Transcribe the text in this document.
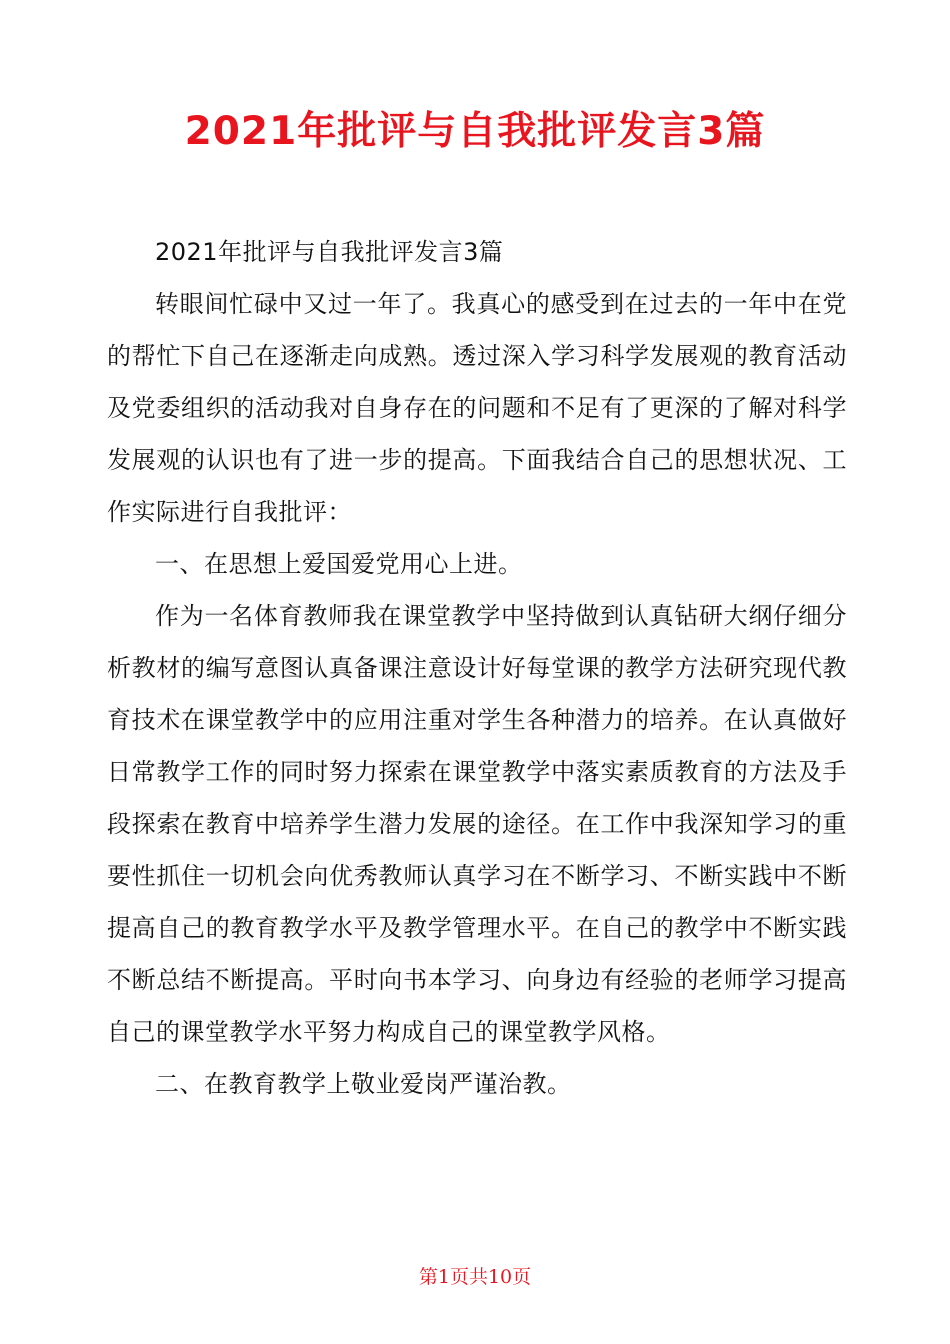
2021年批评与自我批评发言3篇

2021年批评与自我批评发言3篇

转眼间忙碌中又过一年了。我真心的感受到在过去的一年中在党的帮忙下自己在逐渐走向成熟。透过深入学习科学发展观的教育活动及党委组织的活动我对自身存在的问题和不足有了更深的了解对科学发展观的认识也有了进一步的提高。下面我结合自己的思想状况、工作实际进行自我批评：

一、在思想上爱国爱党用心上进。

作为一名体育教师我在课堂教学中坚持做到认真钻研大纲仔细分析教材的编写意图认真备课注意设计好每堂课的教学方法研究现代教育技术在课堂教学中的应用注重对学生各种潜力的培养。在认真做好日常教学工作的同时努力探索在课堂教学中落实素质教育的方法及手段探索在教育中培养学生潜力发展的途径。在工作中我深知学习的重要性抓住一切机会向优秀教师认真学习在不断学习、不断实践中不断提高自己的教育教学水平及教学管理水平。在自己的教学中不断实践不断总结不断提高。平时向书本学习、向身边有经验的老师学习提高自己的课堂教学水平努力构成自己的课堂教学风格。

二、在教育教学上敬业爱岗严谨治教。

第1页共10页
